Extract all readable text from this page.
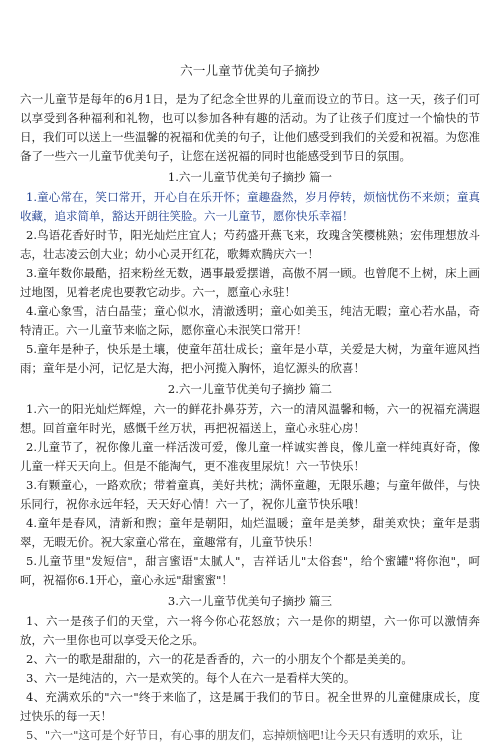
六一儿童节优美句子摘抄

六一儿童节是每年的6月1日，是为了纪念全世界的儿童而设立的节日。这一天，孩子们可以享受到各种福利和礼物，也可以参加各种有趣的活动。为了让孩子们度过一个愉快的节日，我们可以送上一些温馨的祝福和优美的句子，让他们感受到我们的关爱和祝福。为您准备了一些六一儿童节优美句子，让您在送祝福的同时也能感受到节日的氛围。

1.六一儿童节优美句子摘抄 篇一

1.童心常在，笑口常开，开心自在乐开怀；童趣盎然，岁月停转，烦恼忧伤不来烦；童真收藏，追求简单，豁达开朗往笑脸。六一儿童节，愿你快乐幸福！

2.鸟语花香好时节，阳光灿烂庄宜人；芍药盛开燕飞来，玫瑰含笑樱桃熟；宏伟理想放斗志，壮志凌云创大业；幼小心灵开红花，歌舞欢腾庆六一！

3.童年数你最酷，招来粉丝无数，遇事最爱摆谱，高傲不屑一顾。也曾爬不上树，床上画过地图，见着老虎也要教它动步。六一，愿童心永驻！

4.童心象雪，洁白晶莹；童心似水，清澈透明；童心如美玉，纯洁无暇；童心若水晶，奇特清正。六一儿童节来临之际，愿你童心未泯笑口常开！

5.童年是种子，快乐是土壤，使童年茁壮成长；童年是小草，关爱是大树，为童年遮风挡雨；童年是小河，记忆是大海，把小河揽入胸怀，追忆源头的欣喜！

2.六一儿童节优美句子摘抄 篇二

1.六一的阳光灿烂辉煌，六一的鲜花扑鼻芬芳，六一的清风温馨和畅，六一的祝福充满遐想。回首童年时光，感慨千丝万状，再把祝福送上，童心永驻心房！

2.儿童节了，祝你像儿童一样活泼可爱，像儿童一样诚实善良，像儿童一样纯真好奇，像儿童一样天天向上。但是不能淘气，更不准夜里尿炕！六一节快乐！

3.有颗童心，一路欢欣；带着童真，美好共枕；满怀童趣，无限乐趣；与童年做伴，与快乐同行，祝你永远年轻，天天好心情！六一了，祝你儿童节快乐哦！

4.童年是春风，清新和煦；童年是朝阳，灿烂温暖；童年是美梦，甜美欢快；童年是翡翠，无暇无价。祝大家童心常在，童趣常有，儿童节快乐！

5.儿童节里"发短信"，甜言蜜语"太腻人"，吉祥话儿"太俗套"，给个蜜罐"将你泡"，呵呵，祝福你6.1开心，童心永远"甜蜜蜜"！

3.六一儿童节优美句子摘抄 篇三

1、六一是孩子们的天堂，六一将今你心花怒放；六一是你的期望，六一你可以激情奔放，六一里你也可以享受天伦之乐。

2、六一的歌是甜甜的，六一的花是香香的，六一的小朋友个个都是美美的。

3、六一是纯洁的，六一是欢笑的。每个人在六一是看样大笑的。

4、充满欢乐的"六一"终于来临了，这是属于我们的节日。祝全世界的儿童健康成长，度过快乐的每一天！

5、"六一"这可是个好节日，有心事的朋友们，忘掉烦恼吧!让今天只有透明的欢乐，让
